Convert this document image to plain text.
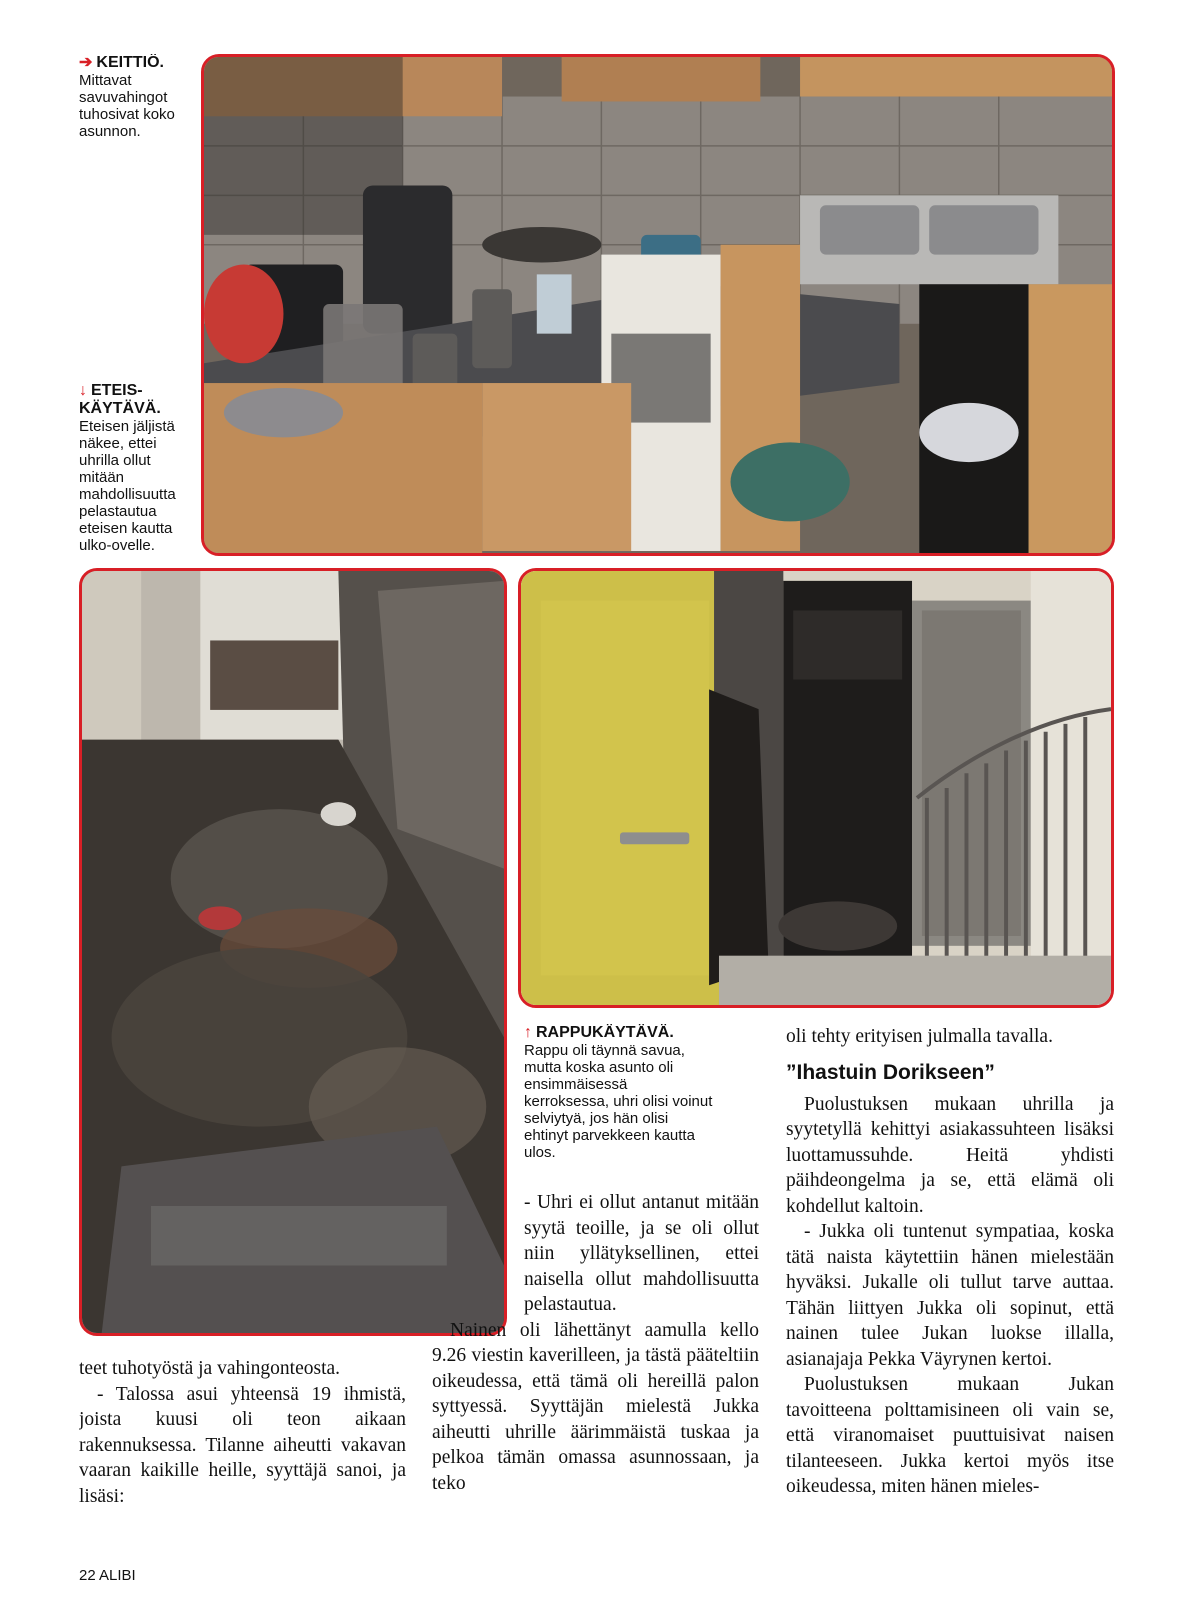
➔ KEITTIÖ.
Mittavat savuvahingot tuhosivat koko asunnon.
↓ ETEIS- KÄYTÄVÄ.
Eteisen jäljistä näkee, ettei uhrilla ollut mitään mahdollisuutta pelastautua eteisen kautta ulko-ovelle.
↑ RAPPUKÄYTÄVÄ.
Rappu oli täynnä savua, mutta koska asunto oli ensimmäisessä kerroksessa, uhri olisi voinut selviytyä, jos hän olisi ehtinyt parvekkeen kautta ulos.

teet tuhotyöstä ja vahingonteosta.

- Talossa asui yhteensä 19 ihmistä, joista kuusi oli teon aikaan rakennuksessa. Tilanne aiheutti vakavan vaaran kaikille heille, syyttäjä sanoi, ja lisäsi:

- Uhri ei ollut antanut mitään syytä teoille, ja se oli ollut niin yllätyksellinen, ettei naisella ollut mahdollisuutta pelastautua.

Nainen oli lähettänyt aamulla kello 9.26 viestin kaverilleen, ja tästä pääteltiin oikeudessa, että tämä oli hereillä palon syttyessä. Syyttäjän mielestä Jukka aiheutti uhrille äärimmäistä tuskaa ja pelkoa tämän omassa asunnossaan, ja teko

oli tehty erityisen julmalla tavalla.

”Ihastuin Dorikseen”

Puolustuksen mukaan uhrilla ja syytetyllä kehittyi asiakassuhteen lisäksi luottamussuhde. Heitä yhdisti päihdeongelma ja se, että elämä oli kohdellut kaltoin.

- Jukka oli tuntenut sympatiaa, koska tätä naista käytettiin hänen mielestään hyväksi. Jukalle oli tullut tarve auttaa. Tähän liittyen Jukka oli sopinut, että nainen tulee Jukan luokse illalla, asianajaja Pekka Väyrynen kertoi.

Puolustuksen mukaan Jukan tavoitteena polttamisineen oli vain se, että viranomaiset puuttuisivat naisen tilanteeseen. Jukka kertoi myös itse oikeudessa, miten hänen mieles-

22 ALIBI
